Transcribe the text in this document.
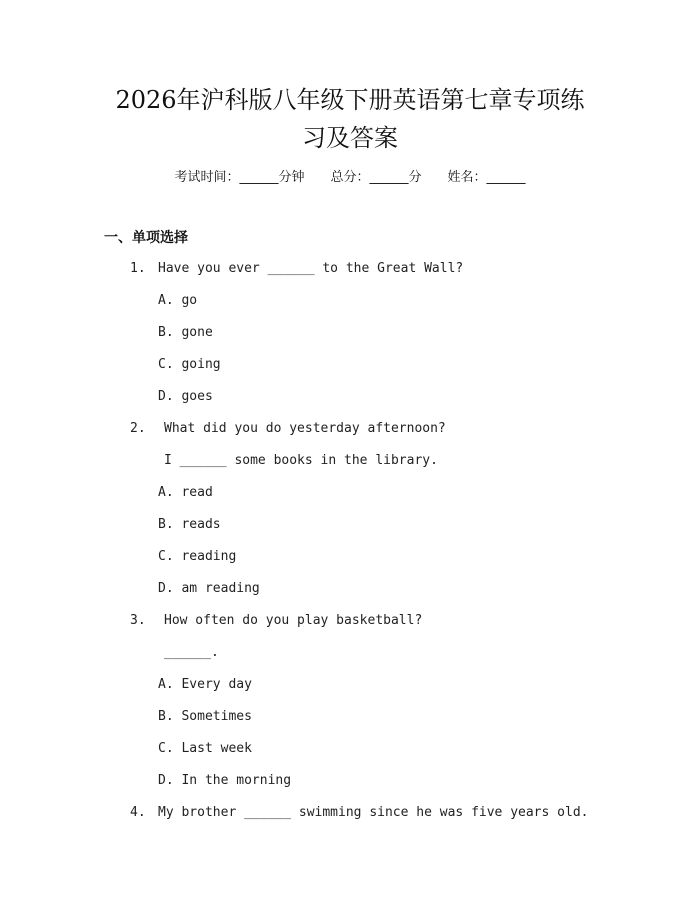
2026年沪科版八年级下册英语第七章专项练
习及答案
考试时间：______分钟 总分：______分 姓名：______
一、单项选择
1. Have you ever ______ to the Great Wall?
A. go
B. gone
C. going
D. goes
2. What did you do yesterday afternoon?
I ______ some books in the library.
A. read
B. reads
C. reading
D. am reading
3. How often do you play basketball?
______.
A. Every day
B. Sometimes
C. Last week
D. In the morning
4. My brother ______ swimming since he was five years old.
